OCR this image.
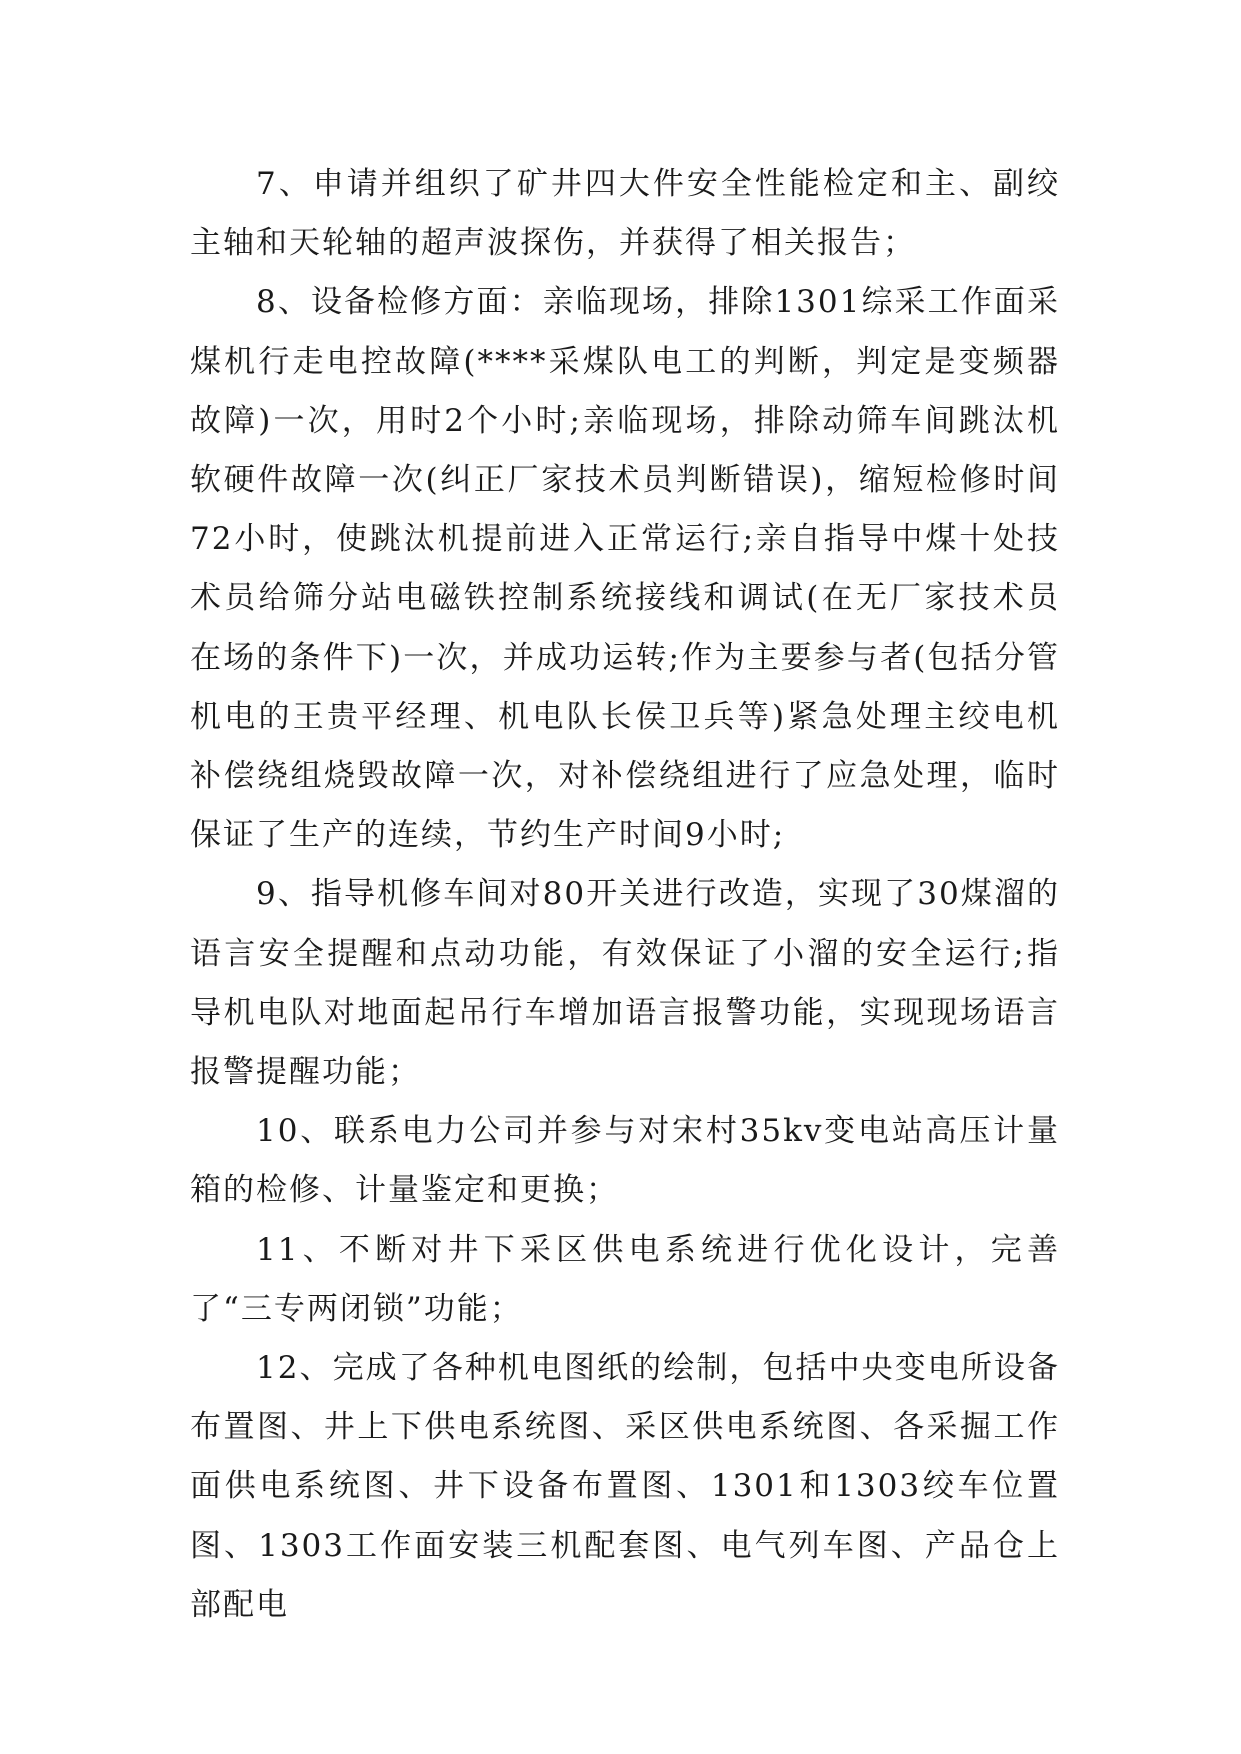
7、申请并组织了矿井四大件安全性能检定和主、副绞主轴和天轮轴的超声波探伤，并获得了相关报告；

8、设备检修方面：亲临现场，排除1301综采工作面采煤机行走电控故障(****采煤队电工的判断，判定是变频器故障)一次，用时2个小时;亲临现场，排除动筛车间跳汰机软硬件故障一次(纠正厂家技术员判断错误)，缩短检修时间72小时，使跳汰机提前进入正常运行;亲自指导中煤十处技术员给筛分站电磁铁控制系统接线和调试(在无厂家技术员在场的条件下)一次，并成功运转;作为主要参与者(包括分管机电的王贵平经理、机电队长侯卫兵等)紧急处理主绞电机补偿绕组烧毁故障一次，对补偿绕组进行了应急处理，临时保证了生产的连续，节约生产时间9小时;

9、指导机修车间对80开关进行改造，实现了30煤溜的语言安全提醒和点动功能，有效保证了小溜的安全运行;指导机电队对地面起吊行车增加语言报警功能，实现现场语言报警提醒功能；

10、联系电力公司并参与对宋村35kv变电站高压计量箱的检修、计量鉴定和更换；

11、不断对井下采区供电系统进行优化设计，完善了“三专两闭锁”功能；

12、完成了各种机电图纸的绘制，包括中央变电所设备布置图、井上下供电系统图、采区供电系统图、各采掘工作面供电系统图、井下设备布置图、1301和1303绞车位置图、1303工作面安装三机配套图、电气列车图、产品仓上部配电
